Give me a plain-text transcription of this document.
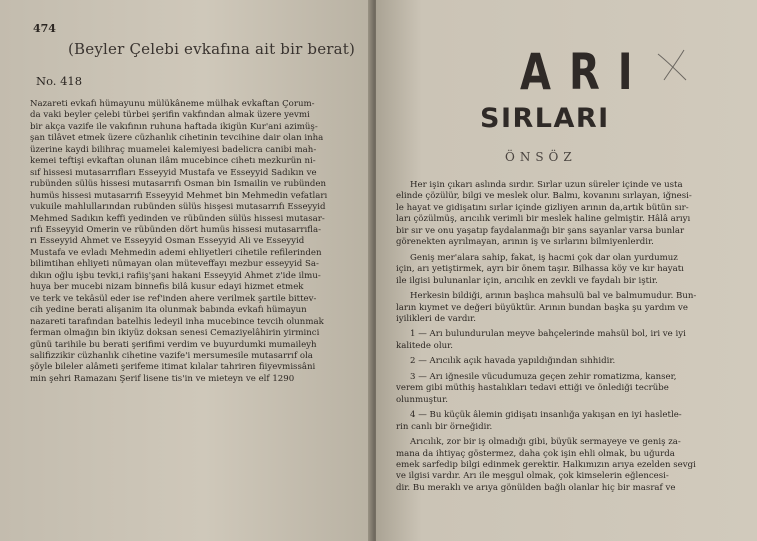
474
(Beyler Çelebi evkafına ait bir berat)
No. 418
Nazareti evkafı hümayunu mülükâneme mülhak evkaftan Çorum-
da vaki beyler çelebi türbei şerifin vakfından almak üzere yevmi
bir akça vazife ile vakıfının ruhuna haftada ikigün Kur'ani azimüş-
şan tilâvet etmek üzere cüzhanlık cihetinin tevcihine dair olan inha
üzerine kaydi bilihraç muamelei kalemiyesi badelicra canibi mah-
kemei teftişi evkaftan olunan ilâm mucebince cihetı mezkurün ni-
sıf hissesi mutasarrıfları Esseyyid Mustafa ve Esseyyid Sadıkın ve
rubünden sülüs hissesi mutasarrıfı Osman bin İsmailin ve rubünden
humüs hissesi mutasarrıfı Esseyyid Mehmet bin Mehmedin vefatları
vukuile mahlullarından rubünden sülüs hisşesi mutasarrıfı Esseyyid
Mehmed Sadıkın keffi yedinden ve rübünden sülüs hissesi mutasar-
rıfı Esseyyid Ömerin ve rübünden dört humüs hissesi mutasarrıfla-
rı Esseyyid Ahmet ve Esseyyid Osman Esseyyid Ali ve Esseyyid
Mustafa ve evladı Mehmedin ademi ehliyetleri cihetile refilerinden
bilimtihan ehliyeti nümayan olan müteveffayı mezbur esseyyid Sa-
dıkın oğlu işbu tevki,i rafiiş'şani hakani Esseyyid Ahmet z'ide ilmu-
huya ber mucebi nizam binnefis bilâ kusur edayi hizmet etmek
ve terk ve tekâsül eder ise ref'inden ahere verilmek şartile bittev-
cih yedine berati alişanim ita olunmak babında evkafı hümayun
nazareti tarafından batelhis ledeyil inha mucebince tevcih olunmak
ferman olmağın bin ikiyüz doksan senesi Cemaziyelâhirin yirminci
günü tarihile bu berati şerifimi verdim ve buyurdumki mumaileyh
salifizzikir cüzhanlık cihetine vazife'i mersumesile mutasarrıf ola
şöyle bileler alâmeti şerifeme itimat kılalar tahriren fiiyevmissâni
min şehri Ramazanı Şerif lisene tis'in ve mieteyn ve elf 1290
ARI
SIRLARI
ÖNSÖZ
Her işin çıkarı aslında sırdır. Sırlar uzun süreler içinde ve usta
elinde çözülür, bilgi ve meslek olur. Balmı, kovanını sırlayan, iğnesi-
le hayat ve gidişatını sırlar içinde gizliyen arının da,artık bütün sır-
ları çözülmüş, arıcılık verimli bir meslek haline gelmiştir. Hâlâ arıyı
bir sır ve onu yaşatıp faydalanmağı bir şans sayanlar varsa bunlar
görenekten ayrılmayan, arının iş ve sırlarını bilmiyenlerdir.
Geniş mer'alara sahip, fakat, iş hacmi çok dar olan yurdumuz
için, arı yetiştirmek, ayrı bir önem taşır. Bilhassa köy ve kır hayatı
ile ilgisi bulunanlar için, arıcılık en zevkli ve faydalı bir iştir.
Herkesin bildiği, arının başlıca mahsulü bal ve balmumudur. Bun-
ların kıymet ve değeri büyüktür. Arının bundan başka şu yardım ve
iyilikleri de vardır.
1 — Arı bulundurulan meyve bahçelerinde mahsül bol, iri ve iyi
kalitede olur.
2 — Arıcılık açık havada yapıldığından sıhhidir.
3 — Arı iğnesile vücudumuza geçen zehir romatizma, kanser,
verem gibi müthiş hastalıkları tedavi ettiği ve önlediği tecrübe
olunmuştur.
4 — Bu küçük âlemin gidişatı insanlığa yakışan en iyi hasletle-
rin canlı bir örneğidir.
Arıcılık, zor bir iş olmadığı gibi, büyük sermayeye ve geniş za-
mana da ihtiyaç göstermez, daha çok işin ehli olmak, bu uğurda
emek sarfedip bilgi edinmek gerektir. Halkımızın arıya ezelden sevgi
ve ilgisi vardır. Arı ile meşgul olmak, çok kimselerin eğlencesi-
dir. Bu meraklı ve arıya gönülden bağlı olanlar hiç bir masraf ve
